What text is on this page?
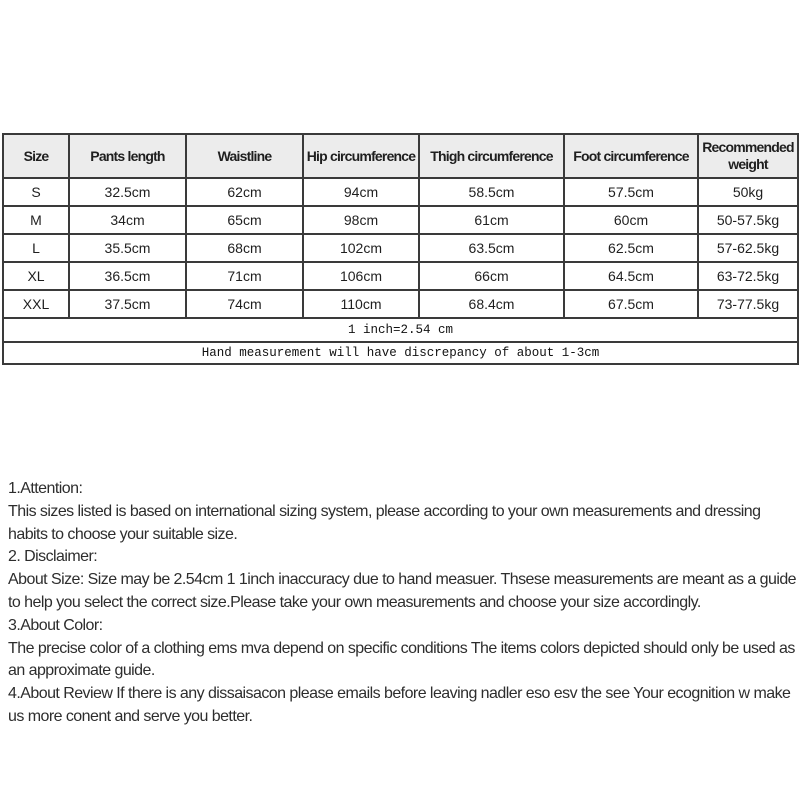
Size	Pants length	Waistline	Hip circumference	Thigh circumference	Foot circumference	Recommended weight
S	32.5cm	62cm	94cm	58.5cm	57.5cm	50kg
M	34cm	65cm	98cm	61cm	60cm	50-57.5kg
L	35.5cm	68cm	102cm	63.5cm	62.5cm	57-62.5kg
XL	36.5cm	71cm	106cm	66cm	64.5cm	63-72.5kg
XXL	37.5cm	74cm	110cm	68.4cm	67.5cm	73-77.5kg
1 inch=2.54 cm						
Hand measurement will have discrepancy of about 1-3cm						

1.Attention:

This sizes listed is based on international sizing system, please according to your own measurements and dressing habits to choose your suitable size.

2. Disclaimer:

About Size: Size may be 2.54cm 1 1inch inaccuracy due to hand measuer. Thsese measurements are meant as a guide to help you select the correct size.Please take your own measurements and choose your size accordingly.

3.About Color:

The precise color of a clothing ems mva depend on specific conditions The items colors depicted should only be used as an approximate guide.

4.About Review If there is any dissaisacon please emails before leaving nadler eso esv the see Your ecognition w make us more conent and serve you better.
